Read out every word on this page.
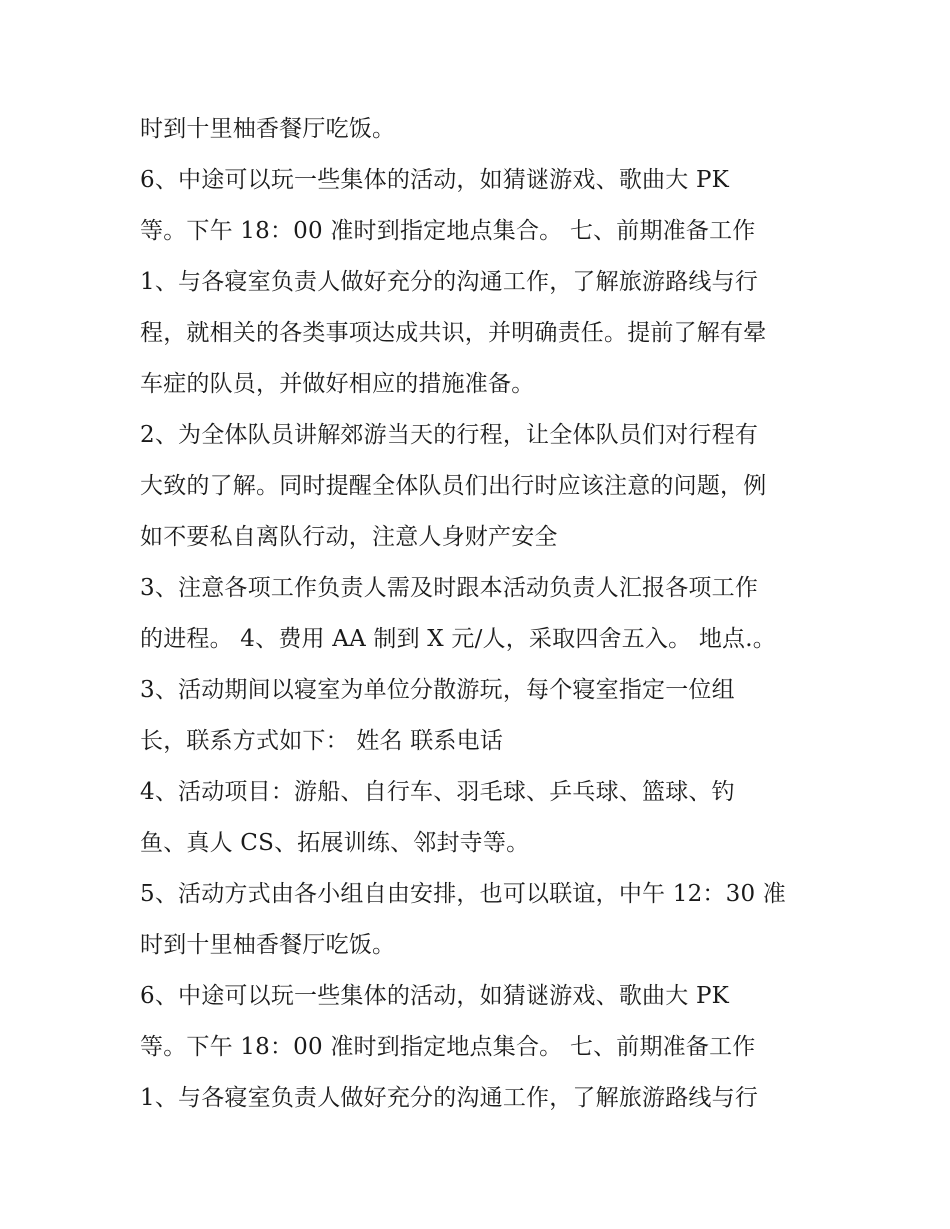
时到十里柚香餐厅吃饭。
6、中途可以玩一些集体的活动，如猜谜游戏、歌曲大 PK
等。下午 18：00 准时到指定地点集合。 七、前期准备工作
1、与各寝室负责人做好充分的沟通工作，了解旅游路线与行
程，就相关的各类事项达成共识，并明确责任。提前了解有晕
车症的队员，并做好相应的措施准备。
2、为全体队员讲解郊游当天的行程，让全体队员们对行程有
大致的了解。同时提醒全体队员们出行时应该注意的问题，例
如不要私自离队行动，注意人身财产安全
3、注意各项工作负责人需及时跟本活动负责人汇报各项工作
的进程。 4、费用 AA 制到 X 元/人，采取四舍五入。 地点.。
3、活动期间以寝室为单位分散游玩，每个寝室指定一位组
长，联系方式如下： 姓名 联系电话
4、活动项目：游船、自行车、羽毛球、乒乓球、篮球、钓
鱼、真人 CS、拓展训练、邻封寺等。
5、活动方式由各小组自由安排，也可以联谊，中午 12：30 准
时到十里柚香餐厅吃饭。
6、中途可以玩一些集体的活动，如猜谜游戏、歌曲大 PK
等。下午 18：00 准时到指定地点集合。 七、前期准备工作
1、与各寝室负责人做好充分的沟通工作，了解旅游路线与行
